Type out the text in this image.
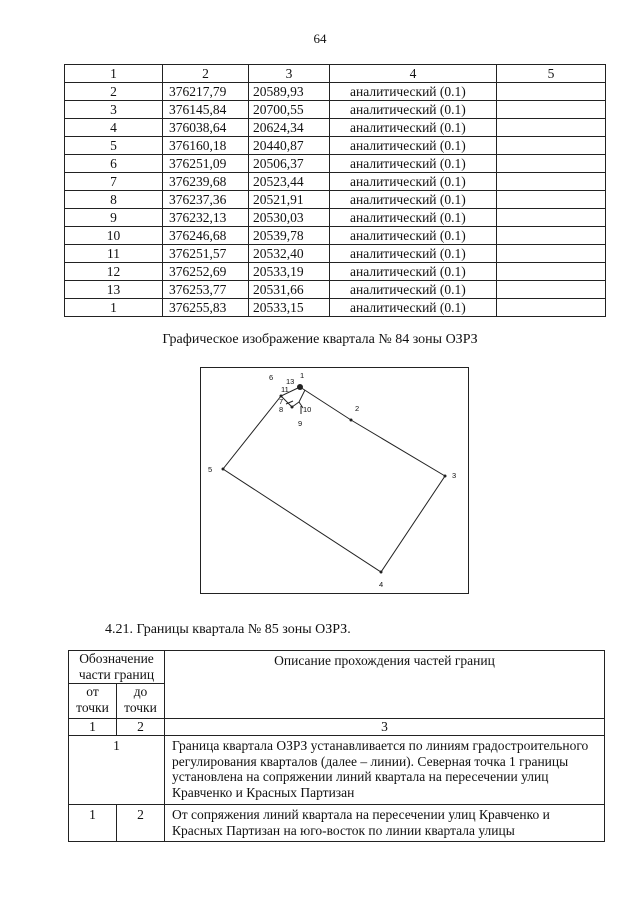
64
1	2	3	4	5
2	376217,79	20589,93	аналитический (0.1)	
3	376145,84	20700,55	аналитический (0.1)	
4	376038,64	20624,34	аналитический (0.1)	
5	376160,18	20440,87	аналитический (0.1)	
6	376251,09	20506,37	аналитический (0.1)	
7	376239,68	20523,44	аналитический (0.1)	
8	376237,36	20521,91	аналитический (0.1)	
9	376232,13	20530,03	аналитический (0.1)	
10	376246,68	20539,78	аналитический (0.1)	
11	376251,57	20532,40	аналитический (0.1)	
12	376252,69	20533,19	аналитический (0.1)	
13	376253,77	20531,66	аналитический (0.1)	
1	376255,83	20533,15	аналитический (0.1)	
Графическое изображение квартала № 84 зоны ОЗРЗ
1
2
3
4
5
6
7
8
9
10
11
13
4.21. Границы квартала № 85 зоны ОЗРЗ.
Обозначение части границ		Описание прохождения частей границ
от точки	до точки	
1	2	3
1		Граница квартала ОЗРЗ устанавливается по линиям градостроительного регулирования кварталов (далее – линии). Северная точка 1 границы установлена на сопряжении линий квартала на пересечении улиц Кравченко и Красных Партизан
1	2	От сопряжения линий квартала на пересечении улиц Кравченко и Красных Партизан на юго-восток по линии квартала улицы
